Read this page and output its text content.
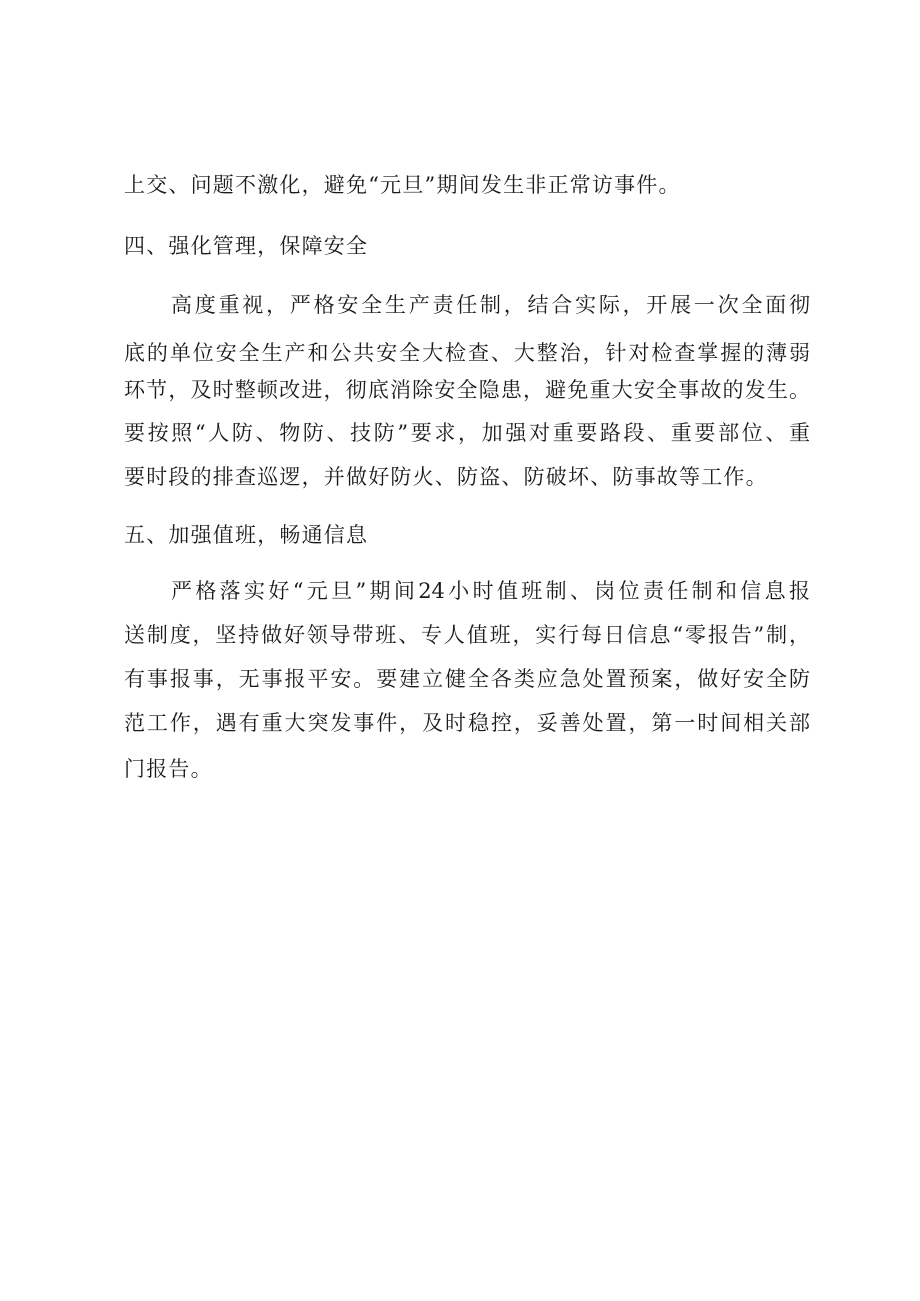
上交、问题不激化，避免“元旦”期间发生非正常访事件。
四、强化管理，保障安全
高度重视，严格安全生产责任制，结合实际，开展一次全面彻
底的单位安全生产和公共安全大检查、大整治，针对检查掌握的薄弱
环节，及时整顿改进，彻底消除安全隐患，避免重大安全事故的发生。
要按照“人防、物防、技防”要求，加强对重要路段、重要部位、重
要时段的排查巡逻，并做好防火、防盗、防破坏、防事故等工作。
五、加强值班，畅通信息
严格落实好“元旦”期间24小时值班制、岗位责任制和信息报
送制度，坚持做好领导带班、专人值班，实行每日信息“零报告”制，
有事报事，无事报平安。要建立健全各类应急处置预案，做好安全防
范工作，遇有重大突发事件，及时稳控，妥善处置，第一时间相关部
门报告。
